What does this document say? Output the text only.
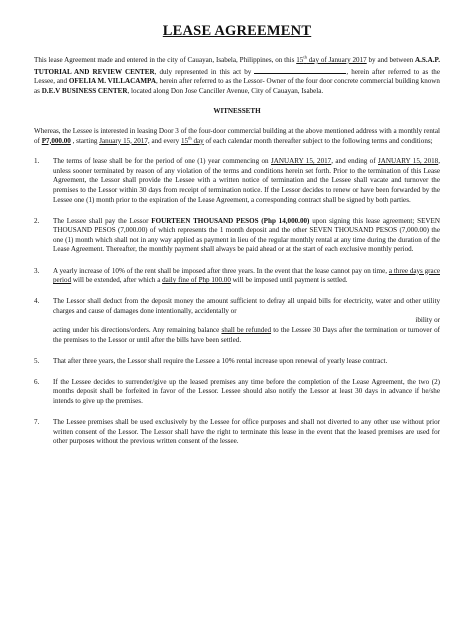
LEASE AGREEMENT

This lease Agreement made and entered in the city of Cauayan, Isabela, Philippines, on this 15th day of January 2017 by and between A.S.A.P. TUTORIAL AND REVIEW CENTER, duly represented in this act by	, herein after referred to as the Lessee, and OFELIA M. VILLACAMPA, herein after referred to as the Lessor- Owner of the four door concrete commercial building known as D.E.V BUSINESS CENTER, located along Don Jose Canciller Avenue, City of Cauayan, Isabela.

WITNESSETH

Whereas, the Lessee is interested in leasing Door 3 of the four-door commercial building at the above mentioned address with a monthly rental of P7,000.00 , starting January 15, 2017, and every 15th day of each calendar month thereafter subject to the following terms and conditions;

1. The terms of lease shall be for the period of one (1) year commencing on JANUARY 15, 2017, and ending of JANUARY 15, 2018, unless sooner terminated by reason of any violation of the terms and conditions herein set forth. Prior to the termination of this Lease Agreement, the Lessor shall provide the Lessee with a written notice of termination and the Lessee shall vacate and turnover the premises to the Lessor within 30 days from receipt of termination notice. If the Lessor decides to renew or have been forwarded by the Lessee one (1) month prior to the expiration of the Lease Agreement, a corresponding contract shall be signed by both parties.
2. The Lessee shall pay the Lessor FOURTEEN THOUSAND PESOS (Php 14,000.00) upon signing this lease agreement; SEVEN THOUSAND PESOS (7,000.00) of which represents the 1 month deposit and the other SEVEN THOUSAND PESOS (7,000.00) the one (1) month which shall not in any way applied as payment in lieu of the regular monthly rental at any time during the duration of the Lease Agreement. Thereafter, the monthly payment shall always be paid ahead or at the start of each exclusive monthly period.
3. A yearly increase of 10% of the rent shall be imposed after three years. In the event that the lease cannot pay on time, a three days grace period will be extended, after which a daily fine of Php 100.00 will be imposed until payment is settled.
4. The Lessor shall deduct from the deposit money the amount sufficient to defray all unpaid bills for electricity, water and other utility charges and cause of damages done intentionally, accidentally or
ibility or
acting under his directions/orders. Any remaining balance shall be refunded to the Lessee 30 Days after the termination or turnover of the premises to the Lessor or until after the bills have been settled.
5. That after three years, the Lessor shall require the Lessee a 10% rental increase upon renewal of yearly lease contract.
6. If the Lessee decides to surrender/give up the leased premises any time before the completion of the Lease Agreement, the two (2) months deposit shall be forfeited in favor of the Lessor. Lessee should also notify the Lessor at least 30 days in advance if he/she intends to give up the premises.
7. The Lessee premises shall be used exclusively by the Lessee for office purposes and shall not diverted to any other use without prior written consent of the Lessor. The Lessor shall have the right to terminate this lease in the event that the leased premises are used for other purposes without the previous written consent of the lessee.
